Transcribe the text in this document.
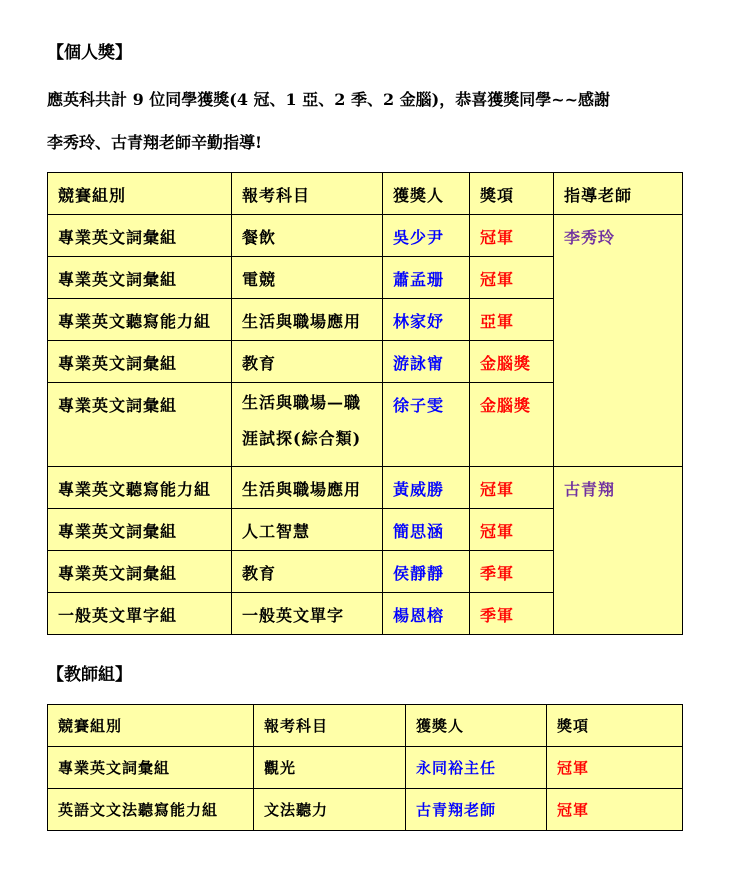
【個人獎】
應英科共計 9 位同學獲獎(4 冠、1 亞、2 季、2 金腦)，恭喜獲獎同學~~感謝
李秀玲、古青翔老師辛勤指導!
競賽組別	報考科目	獲獎人	獎項	指導老師
專業英文詞彙組	餐飲	吳少尹	冠軍	李秀玲
專業英文詞彙組	電競	蕭孟珊	冠軍	
專業英文聽寫能力組	生活與職場應用	林家妤	亞軍	
專業英文詞彙組	教育	游詠甯	金腦獎	
專業英文詞彙組	生活與職場—職涯試探(綜合類)	徐子雯	金腦獎	
專業英文聽寫能力組	生活與職場應用	黃威勝	冠軍	古青翔
專業英文詞彙組	人工智慧	簡思涵	冠軍	
專業英文詞彙組	教育	侯靜靜	季軍	
一般英文單字組	一般英文單字	楊恩榕	季軍	
【教師組】
競賽組別	報考科目	獲獎人	獎項
專業英文詞彙組	觀光	永同裕主任	冠軍
英語文文法聽寫能力組	文法聽力	古青翔老師	冠軍
